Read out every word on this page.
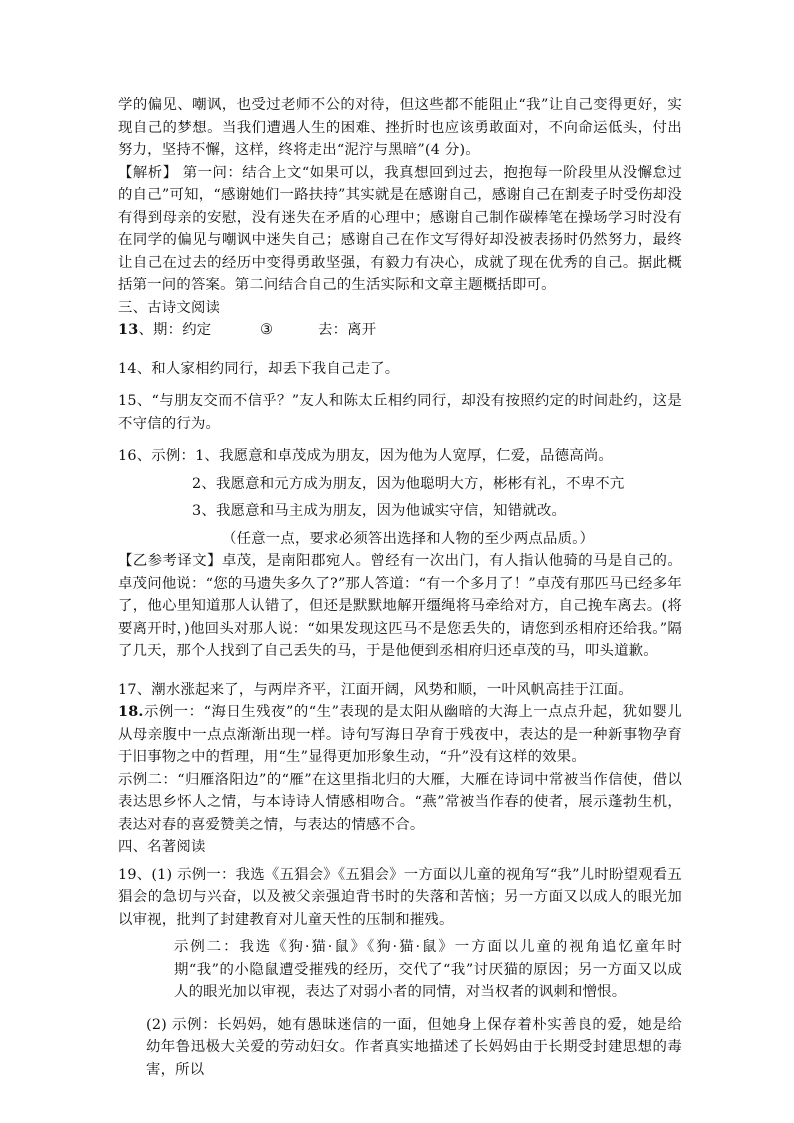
学的偏见、嘲讽，也受过老师不公的对待，但这些都不能阻止“我”让自己变得更好，实现自己的梦想。当我们遭遇人生的困难、挫折时也应该勇敢面对，不向命运低头，付出努力，坚持不懈，这样，终将走出“泥泞与黑暗”(4 分)。

【解析】 第一问：结合上文“如果可以，我真想回到过去，抱抱每一阶段里从没懈怠过的自己”可知，“感谢她们一路扶持”其实就是在感谢自己，感谢自己在割麦子时受伤却没有得到母亲的安慰，没有迷失在矛盾的心理中；感谢自己制作碳棒笔在操场学习时没有在同学的偏见与嘲讽中迷失自己；感谢自己在作文写得好却没被表扬时仍然努力，最终让自己在过去的经历中变得勇敢坚强，有毅力有决心，成就了现在优秀的自己。据此概括第一问的答案。第二问结合自己的生活实际和文章主题概括即可。

三、古诗文阅读

13、期：约定	③	去：离开

14、和人家相约同行，却丢下我自己走了。

15、“与朋友交而不信乎？”友人和陈太丘相约同行，却没有按照约定的时间赴约，这是不守信的行为。

16、示例：1、我愿意和卓茂成为朋友，因为他为人宽厚，仁爱，品德高尚。

2、我愿意和元方成为朋友，因为他聪明大方，彬彬有礼，不卑不亢

3、我愿意和马主成为朋友，因为他诚实守信，知错就改。

（任意一点，要求必须答出选择和人物的至少两点品质。）

【乙参考译文】卓茂，是南阳郡宛人。曾经有一次出门，有人指认他骑的马是自己的。卓茂问他说：“您的马遗失多久了?”那人答道：“有一个多月了！”卓茂有那匹马已经多年了，他心里知道那人认错了，但还是默默地解开缰绳将马牵给对方，自己挽车离去。(将要离开时，)他回头对那人说：“如果发现这匹马不是您丢失的，请您到丞相府还给我。”隔了几天，那个人找到了自己丢失的马，于是他便到丞相府归还卓茂的马，叩头道歉。

17、潮水涨起来了，与两岸齐平，江面开阔，风势和顺，一叶风帆高挂于江面。

18.示例一：“海日生残夜”的“生”表现的是太阳从幽暗的大海上一点点升起，犹如婴儿从母亲腹中一点点渐渐出现一样。诗句写海日孕育于残夜中，表达的是一种新事物孕育于旧事物之中的哲理，用“生”显得更加形象生动，“升”没有这样的效果。

示例二：“归雁洛阳边”的“雁”在这里指北归的大雁，大雁在诗词中常被当作信使，借以表达思乡怀人之情，与本诗诗人情感相吻合。“燕”常被当作春的使者，展示蓬勃生机，表达对春的喜爱赞美之情，与表达的情感不合。

四、名著阅读

19、(1) 示例一：我选《五猖会》《五猖会》一方面以儿童的视角写“我”儿时盼望观看五猖会的急切与兴奋，以及被父亲强迫背书时的失落和苦恼；另一方面又以成人的眼光加以审视，批判了封建教育对儿童天性的压制和摧残。

示例二：我选《狗·猫·鼠》《狗·猫·鼠》一方面以儿童的视角追忆童年时期“我”的小隐鼠遭受摧残的经历，交代了“我”讨厌猫的原因；另一方面又以成人的眼光加以审视，表达了对弱小者的同情，对当权者的讽刺和憎恨。

(2) 示例：长妈妈，她有愚昧迷信的一面，但她身上保存着朴实善良的爱，她是给幼年鲁迅极大关爱的劳动妇女。作者真实地描述了长妈妈由于长期受封建思想的毒害，所以
